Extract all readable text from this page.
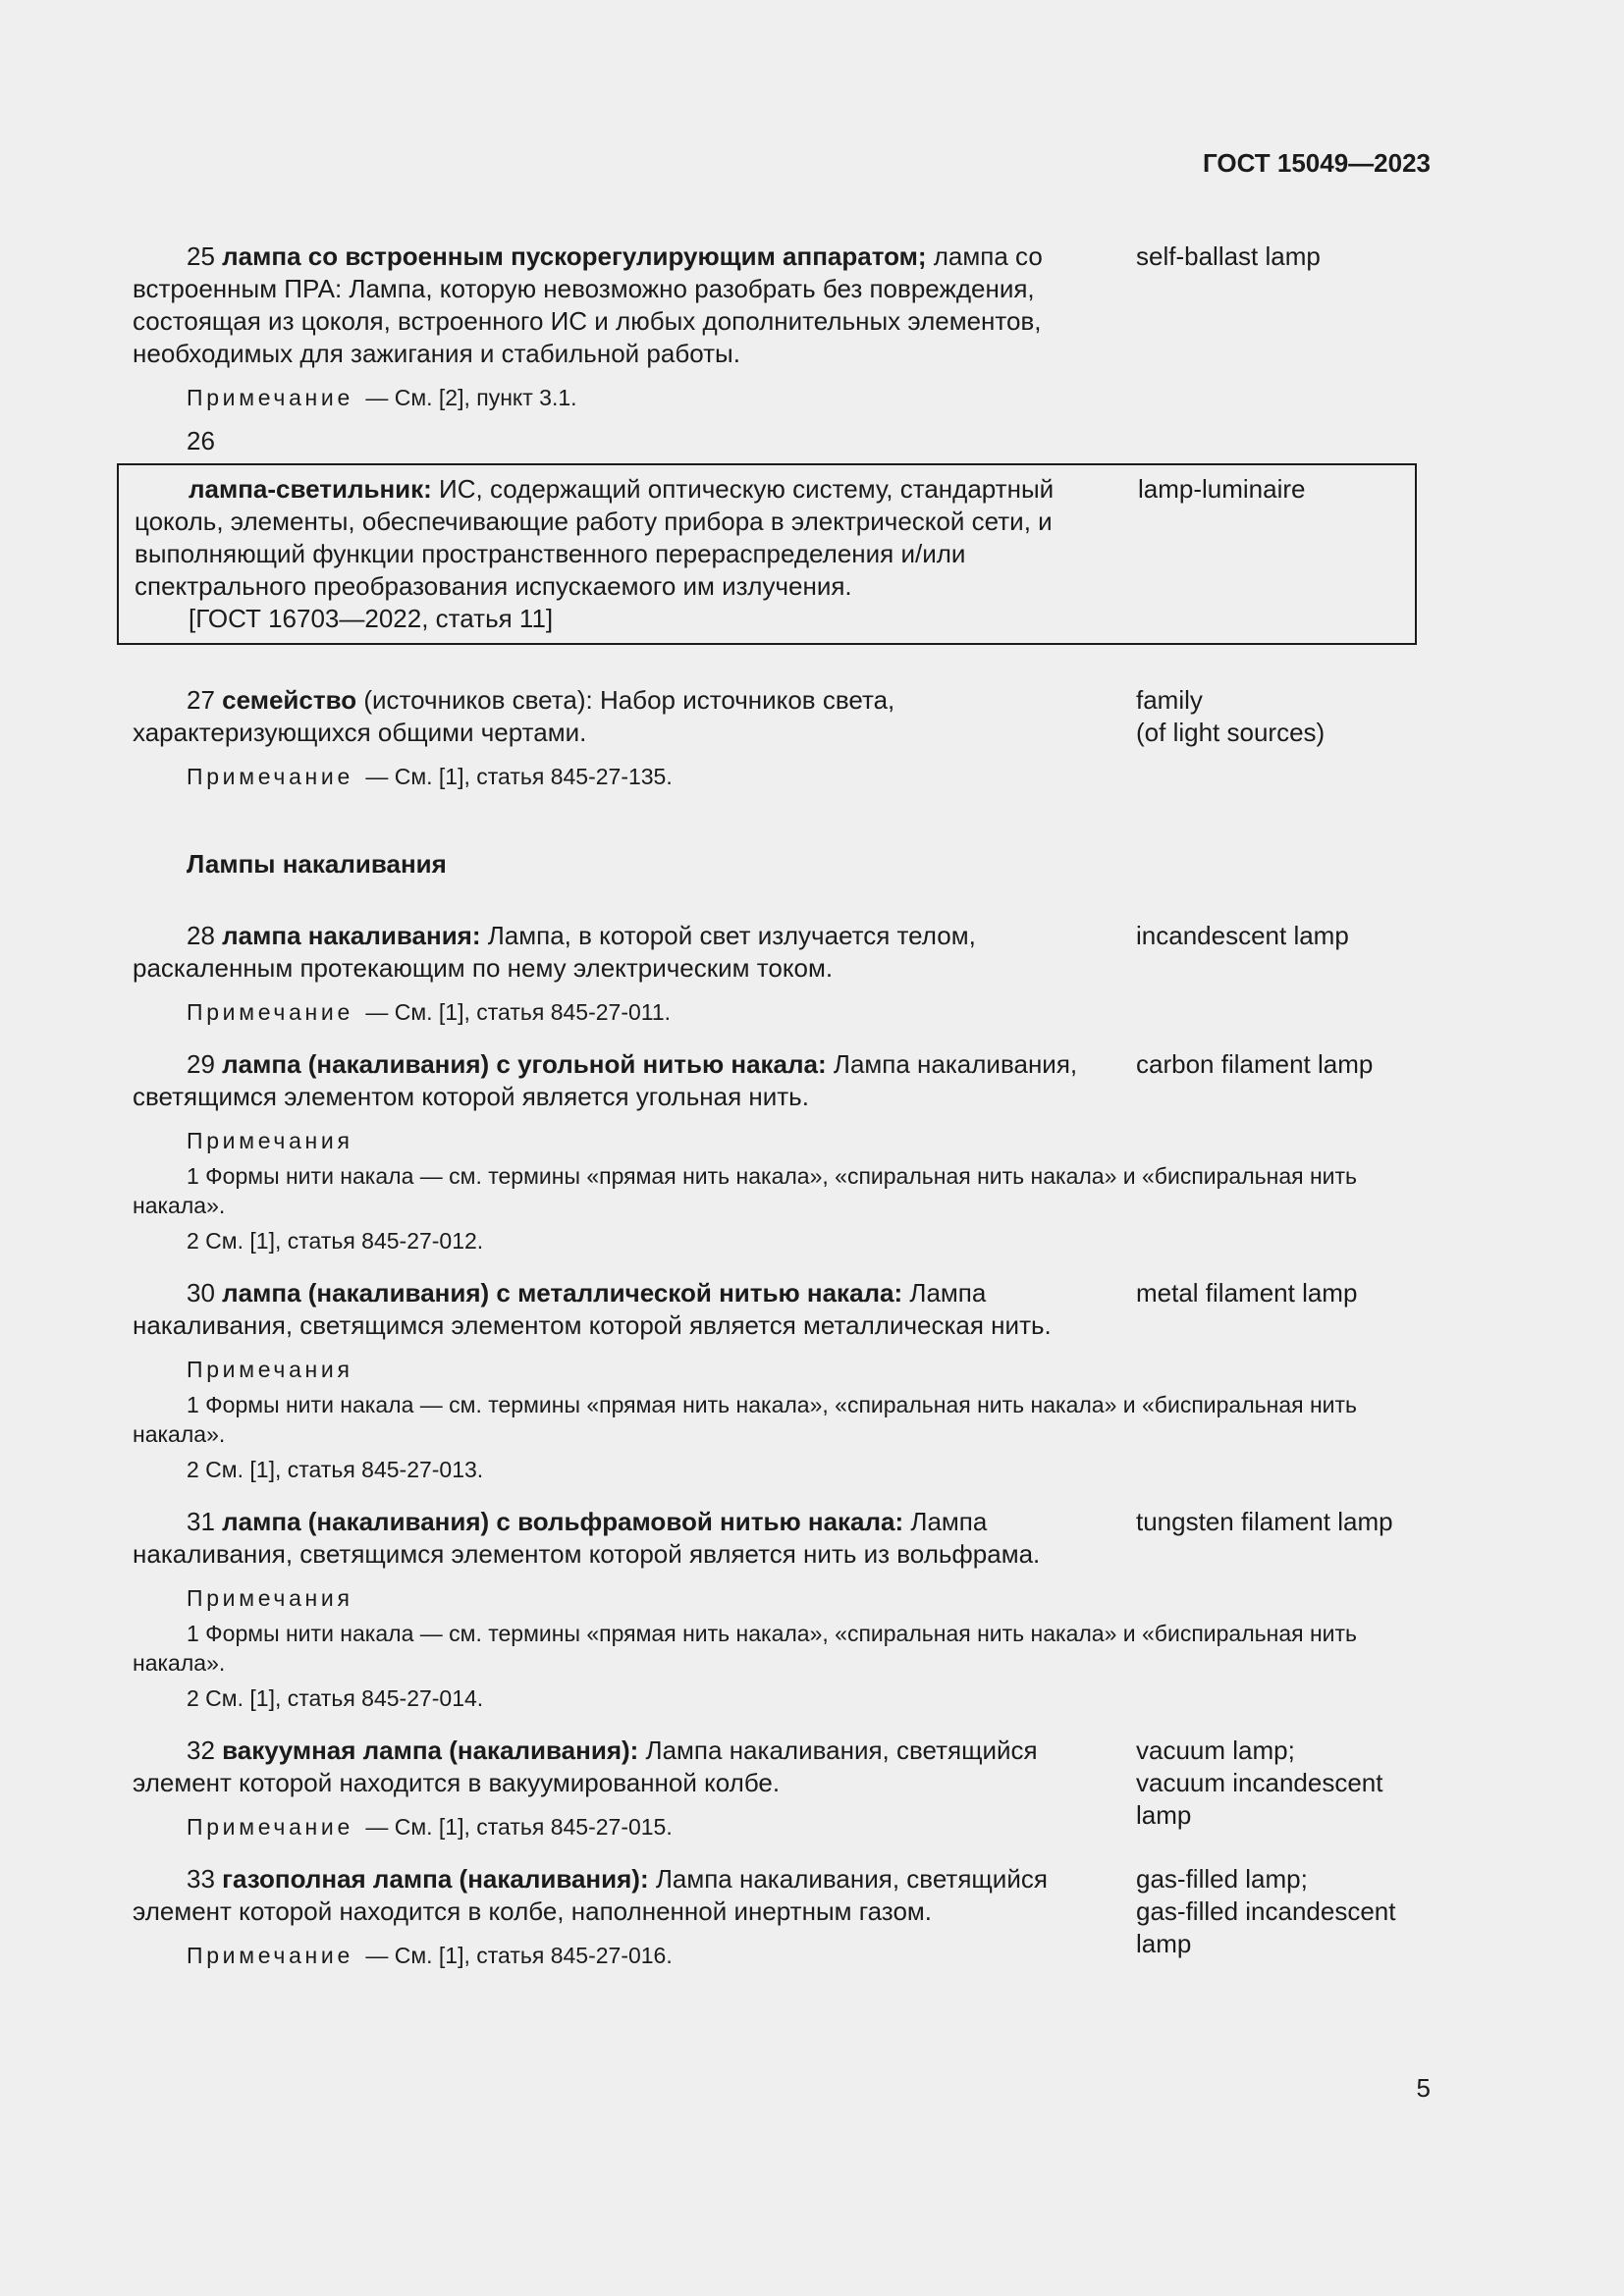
ГОСТ 15049—2023
25 лампа со встроенным пускорегулирующим аппаратом; лампа со встроенным ПРА: Лампа, которую невозможно разобрать без повреждения, состоящая из цоколя, встроенного ИС и любых дополнительных элементов, необходимых для зажигания и стабильной работы.
self-ballast lamp
Примечание — См. [2], пункт 3.1.
26
лампа-светильник: ИС, содержащий оптическую систему, стандартный цоколь, элементы, обеспечивающие работу прибора в электрической сети, и выполняющий функции пространственного перераспределения и/или спектрального преобразования испускаемого им излучения.
[ГОСТ 16703—2022, статья 11]
lamp-luminaire
27 семейство (источников света): Набор источников света, характеризующихся общими чертами.
family
(of light sources)
Примечание — См. [1], статья 845-27-135.
Лампы накаливания
28 лампа накаливания: Лампа, в которой свет излучается телом, раскаленным протекающим по нему электрическим током.
incandescent lamp
Примечание — См. [1], статья 845-27-011.
29 лампа (накаливания) с угольной нитью накала: Лампа накаливания, светящимся элементом которой является угольная нить.
carbon filament lamp
Примечания
1 Формы нити накала — см. термины «прямая нить накала», «спиральная нить накала» и «биспиральная нить накала».
2 См. [1], статья 845-27-012.
30 лампа (накаливания) с металлической нитью накала: Лампа накаливания, светящимся элементом которой является металлическая нить.
metal filament lamp
Примечания
1 Формы нити накала — см. термины «прямая нить накала», «спиральная нить накала» и «биспиральная нить накала».
2 См. [1], статья 845-27-013.
31 лампа (накаливания) с вольфрамовой нитью накала: Лампа накаливания, светящимся элементом которой является нить из вольфрама.
tungsten filament lamp
Примечания
1 Формы нити накала — см. термины «прямая нить накала», «спиральная нить накала» и «биспиральная нить накала».
2 См. [1], статья 845-27-014.
32 вакуумная лампа (накаливания): Лампа накаливания, светящийся элемент которой находится в вакуумированной колбе.
Примечание — См. [1], статья 845-27-015.
vacuum lamp;
vacuum incandescent lamp
33 газополная лампа (накаливания): Лампа накаливания, светящийся элемент которой находится в колбе, наполненной инертным газом.
Примечание — См. [1], статья 845-27-016.
gas-filled lamp;
gas-filled incandescent lamp
5
